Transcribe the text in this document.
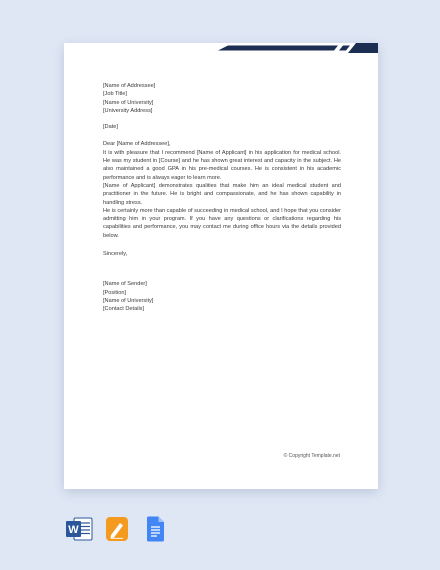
[Name of Addressee]
[Job Title]
[Name of University]
[University Address]
[Date]
Dear [Name of Addressee],

It is with pleasure that I recommend [Name of Applicant] in his application for medical school. He was my student in [Course] and he has shown great interest and capacity in the subject. He also maintained a good GPA in his pre-medical courses. He is consistent in his academic performance and is always eager to learn more.

[Name of Applicant] demonstrates qualities that make him an ideal medical student and practitioner in the future. He is bright and compassionate, and he has shown capability in handling stress.

He is certainly more than capable of succeeding in medical school, and I hope that you consider admitting him in your program. If you have any questions or clarifications regarding his capabilities and performance, you may contact me during office hours via the details provided below.

Sincerely,
[Name of Sender]
[Position]
[Name of University]
[Contact Details]
© Copyright Template.net
W
